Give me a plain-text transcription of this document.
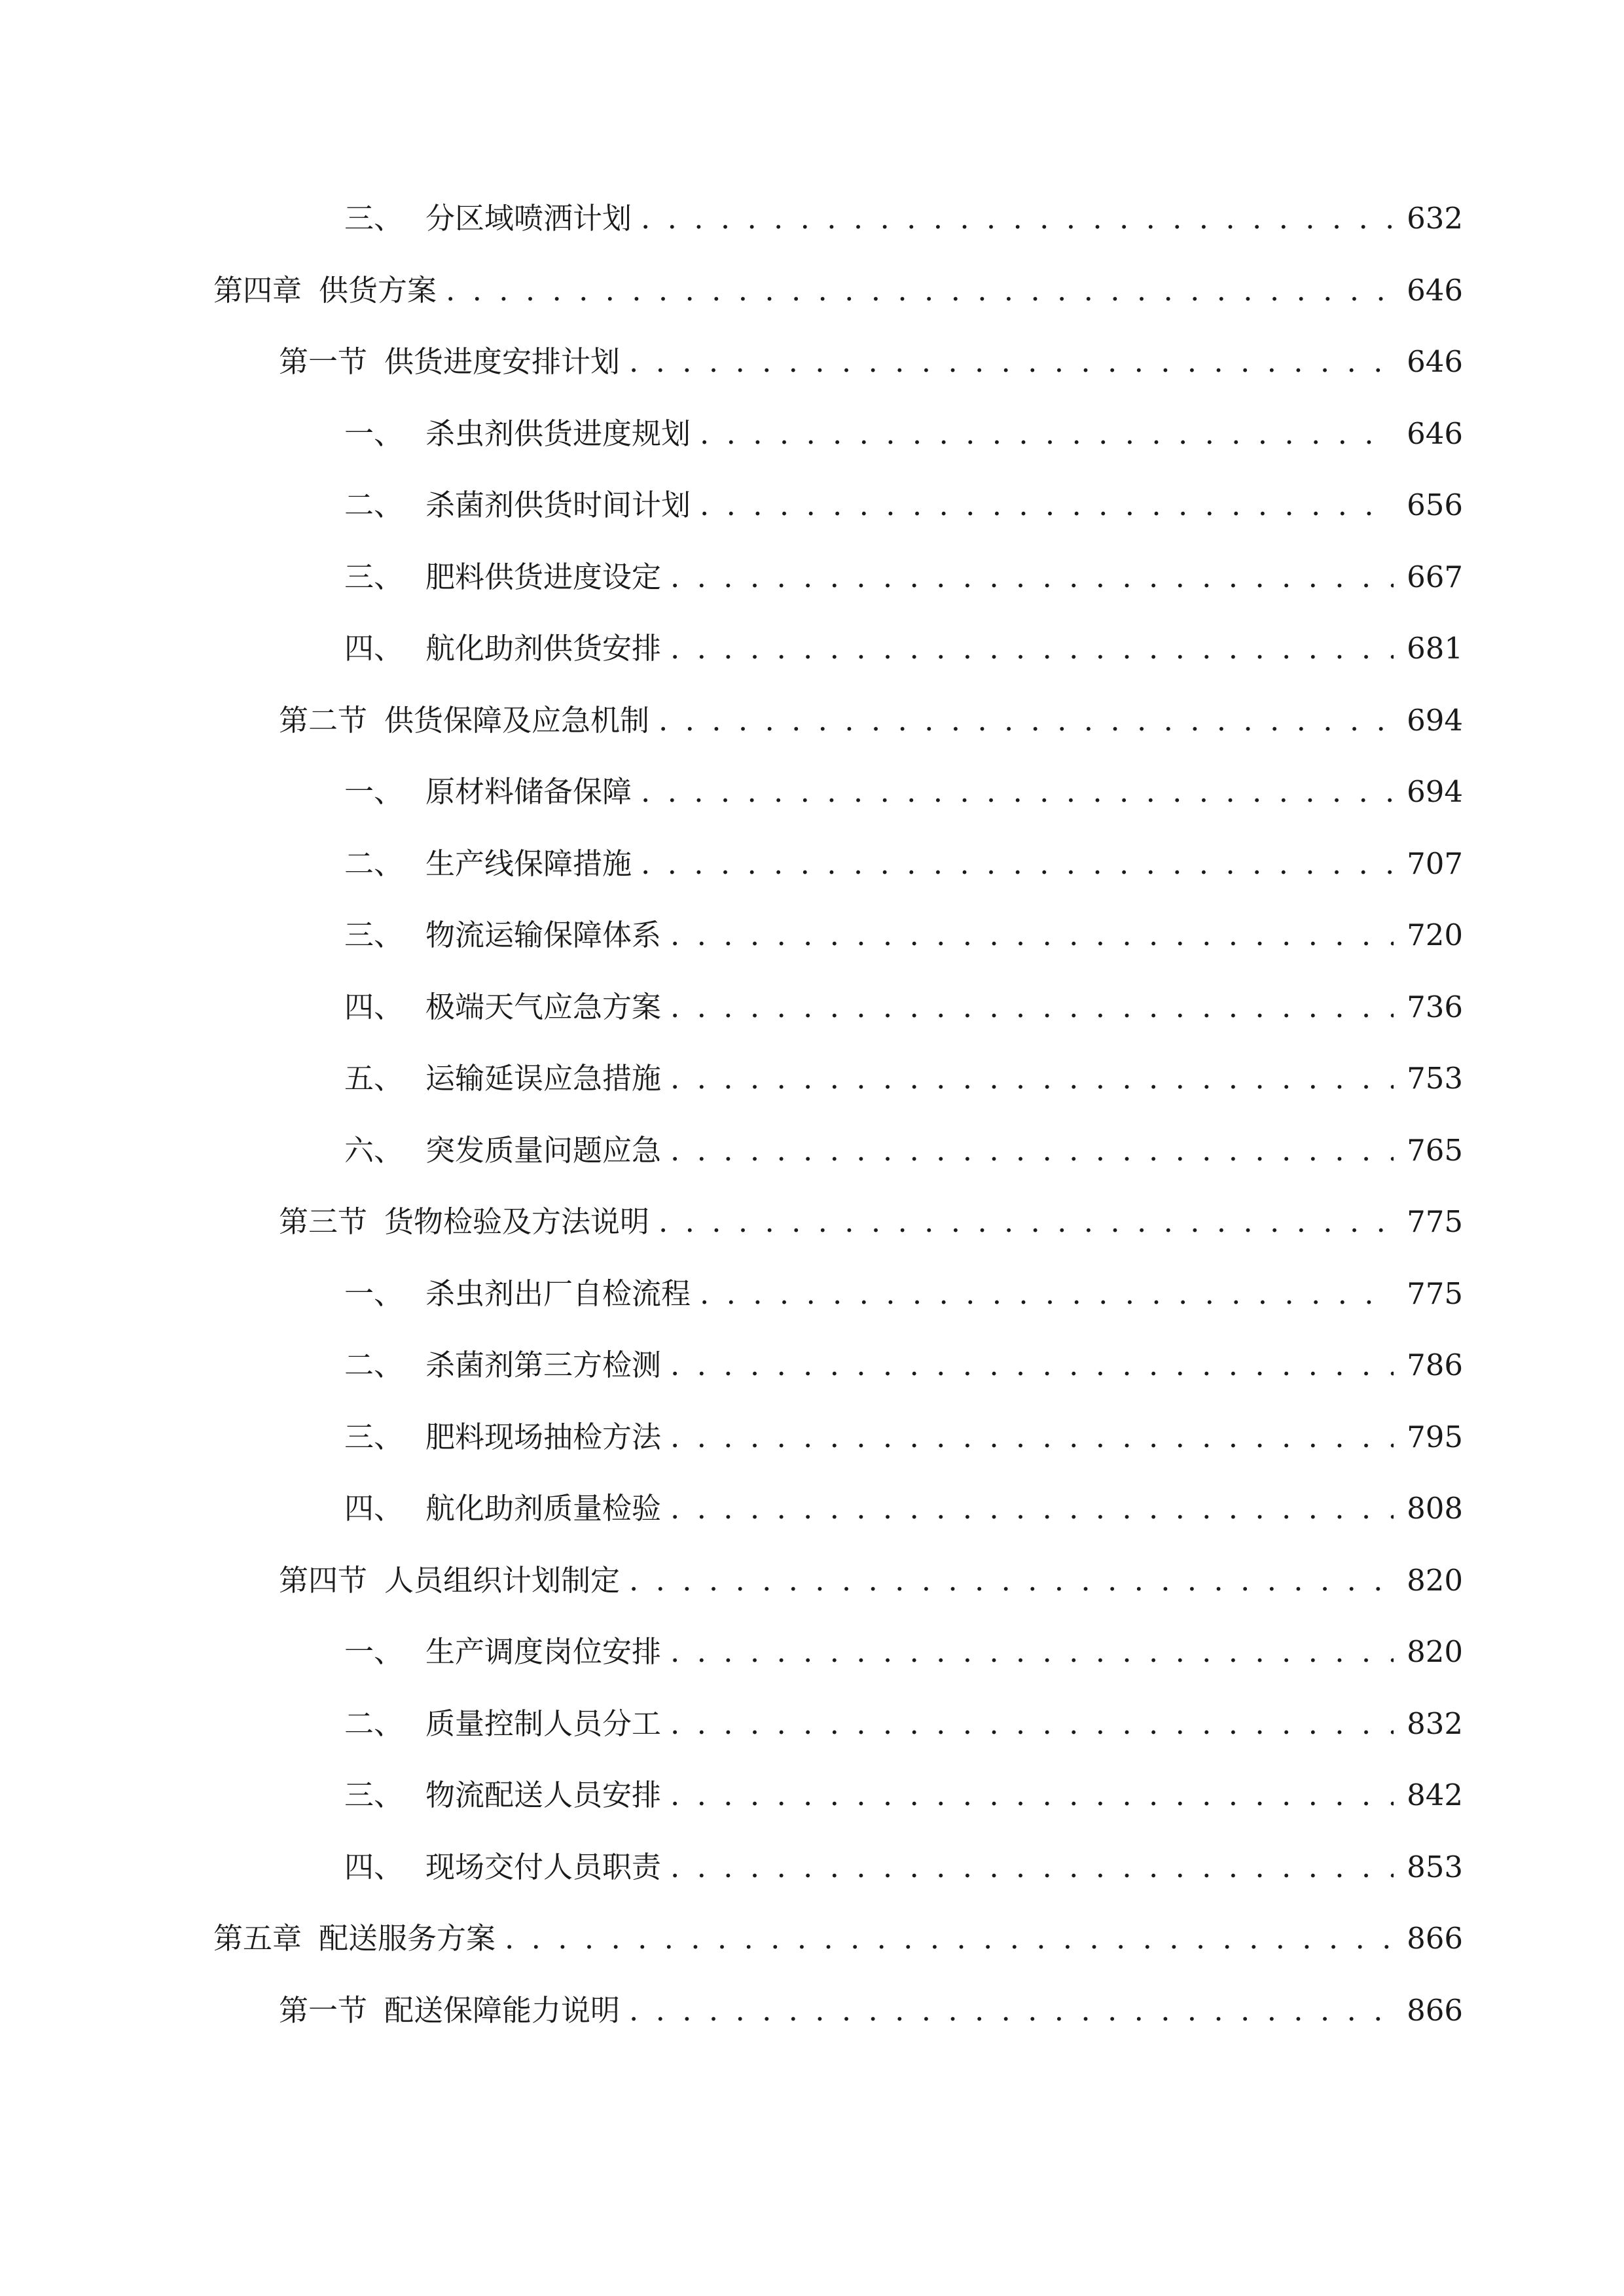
三、 分区域喷洒计划 . . .	632
第四章 供货方案 . . .	646
第一节 供货进度安排计划 . . .	646
一、 杀虫剂供货进度规划 . . .	646
二、 杀菌剂供货时间计划 . . .	656
三、 肥料供货进度设定 . . .	667
四、 航化助剂供货安排 . . .	681
第二节 供货保障及应急机制 . . .	694
一、 原材料储备保障 . . .	694
二、 生产线保障措施 . . .	707
三、 物流运输保障体系 . . .	720
四、 极端天气应急方案 . . .	736
五、 运输延误应急措施 . . .	753
六、 突发质量问题应急 . . .	765
第三节 货物检验及方法说明 . . .	775
一、 杀虫剂出厂自检流程 . . .	775
二、 杀菌剂第三方检测 . . .	786
三、 肥料现场抽检方法 . . .	795
四、 航化助剂质量检验 . . .	808
第四节 人员组织计划制定 . . .	820
一、 生产调度岗位安排 . . .	820
二、 质量控制人员分工 . . .	832
三、 物流配送人员安排 . . .	842
四、 现场交付人员职责 . . .	853
第五章 配送服务方案 . . .	866
第一节 配送保障能力说明 . . .	866
